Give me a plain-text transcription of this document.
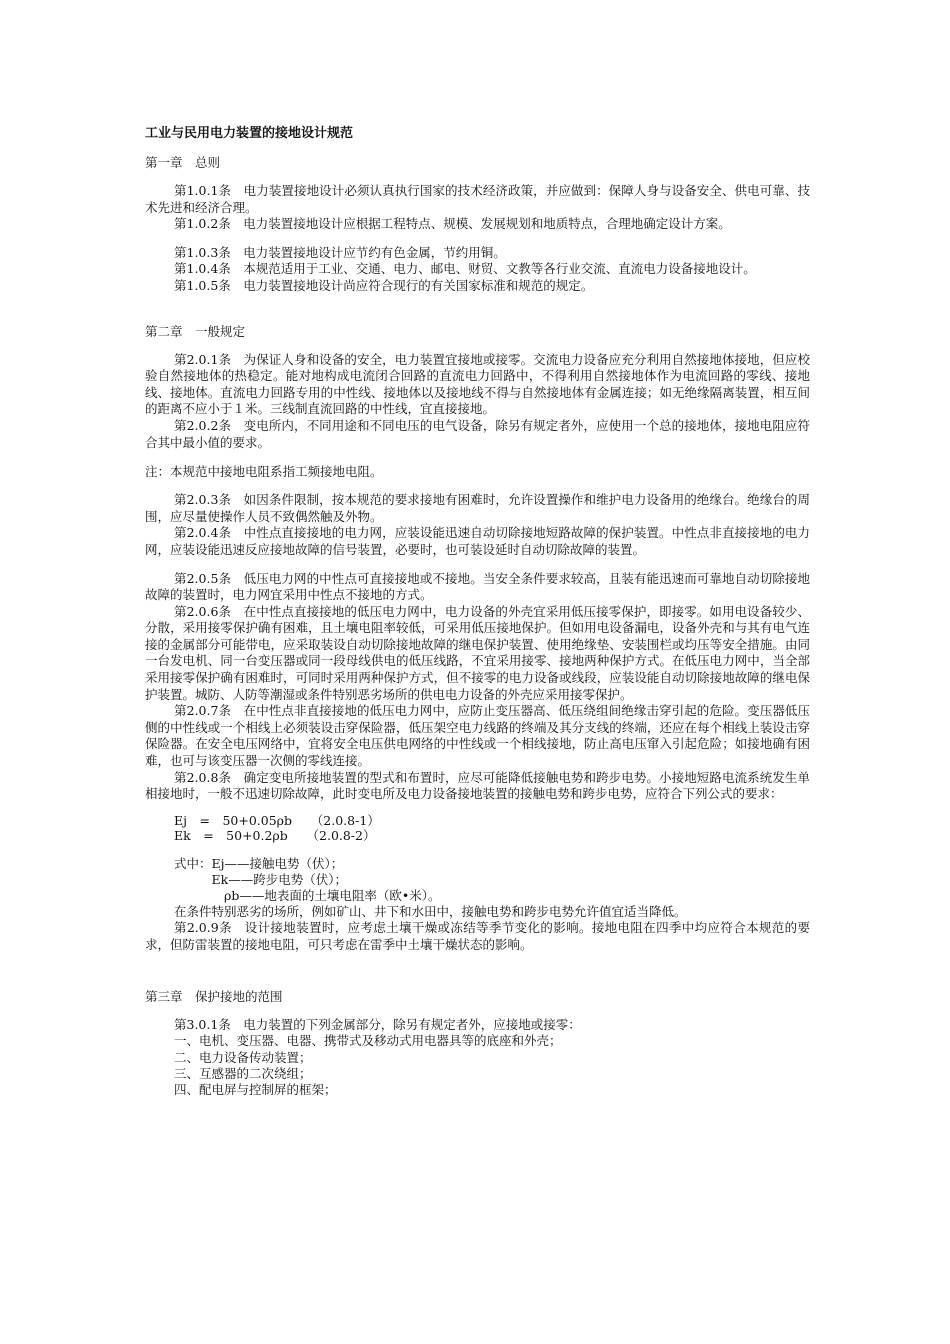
工业与民用电力装置的接地设计规范
第一章　总则

第1.0.1条　电力装置接地设计必须认真执行国家的技术经济政策，并应做到：保障人身与设备安全、供电可靠、技术先进和经济合理。

第1.0.2条　电力装置接地设计应根据工程特点、规模、发展规划和地质特点，合理地确定设计方案。

第1.0.3条　电力装置接地设计应节约有色金属，节约用铜。

第1.0.4条　本规范适用于工业、交通、电力、邮电、财贸、文教等各行业交流、直流电力设备接地设计。

第1.0.5条　电力装置接地设计尚应符合现行的有关国家标准和规范的规定。

第二章　一般规定

第2.0.1条　为保证人身和设备的安全，电力装置宜接地或接零。交流电力设备应充分利用自然接地体接地，但应校验自然接地体的热稳定。能对地构成电流闭合回路的直流电力回路中，不得利用自然接地体作为电流回路的零线、接地线、接地体。直流电力回路专用的中性线、接地体以及接地线不得与自然接地体有金属连接；如无绝缘隔离装置，相互间的距离不应小于１米。三线制直流回路的中性线，宜直接接地。

第2.0.2条　变电所内，不同用途和不同电压的电气设备，除另有规定者外，应使用一个总的接地体，接地电阻应符合其中最小值的要求。

注：本规范中接地电阻系指工频接地电阻。

第2.0.3条　如因条件限制，按本规范的要求接地有困难时，允许设置操作和维护电力设备用的绝缘台。绝缘台的周围，应尽量使操作人员不致偶然触及外物。

第2.0.4条　中性点直接接地的电力网，应装设能迅速自动切除接地短路故障的保护装置。中性点非直接接地的电力网，应装设能迅速反应接地故障的信号装置，必要时，也可装设延时自动切除故障的装置。

第2.0.5条　低压电力网的中性点可直接接地或不接地。当安全条件要求较高，且装有能迅速而可靠地自动切除接地故障的装置时，电力网宜采用中性点不接地的方式。

第2.0.6条　在中性点直接接地的低压电力网中，电力设备的外壳宜采用低压接零保护，即接零。如用电设备较少、分散，采用接零保护确有困难，且土壤电阻率较低，可采用低压接地保护。但如用电设备漏电，设备外壳和与其有电气连接的金属部分可能带电，应采取装设自动切除接地故障的继电保护装置、使用绝缘垫、安装围栏或均压等安全措施。由同一台发电机、同一台变压器或同一段母线供电的低压线路，不宜采用接零、接地两种保护方式。在低压电力网中，当全部采用接零保护确有困难时，可同时采用两种保护方式，但不接零的电力设备或线段，应装设能自动切除接地故障的继电保护装置。城防、人防等潮湿或条件特别恶劣场所的供电电力设备的外壳应采用接零保护。

第2.0.7条　在中性点非直接接地的低压电力网中，应防止变压器高、低压绕组间绝缘击穿引起的危险。变压器低压侧的中性线或一个相线上必须装设击穿保险器，低压架空电力线路的终端及其分支线的终端，还应在每个相线上装设击穿保险器。在安全电压网络中，宜将安全电压供电网络的中性线或一个相线接地，防止高电压窜入引起危险；如接地确有困难，也可与该变压器一次侧的零线连接。

第2.0.8条　确定变电所接地装置的型式和布置时，应尽可能降低接触电势和跨步电势。小接地短路电流系统发生单相接地时，一般不迅速切除故障，此时变电所及电力设备接地装置的接触电势和跨步电势，应符合下列公式的要求：

Ej　=　50+0.05ρb　　（2.0.8-1）
Ek　=　50+0.2ρb　　（2.0.8-2）
式中：Ej——接触电势（伏）；
　　　Ek——跨步电势（伏）；
　　　　ρb——地表面的土壤电阻率（欧•米）。

在条件特别恶劣的场所，例如矿山、井下和水田中，接触电势和跨步电势允许值宜适当降低。

第2.0.9条　设计接地装置时，应考虑土壤干燥或冻结等季节变化的影响。接地电阻在四季中均应符合本规范的要求，但防雷装置的接地电阻，可只考虑在雷季中土壤干燥状态的影响。

第三章　保护接地的范围

第3.0.1条　电力装置的下列金属部分，除另有规定者外，应接地或接零：

一、电机、变压器、电器、携带式及移动式用电器具等的底座和外壳；
二、电力设备传动装置；
三、互感器的二次绕组；
四、配电屏与控制屏的框架；
